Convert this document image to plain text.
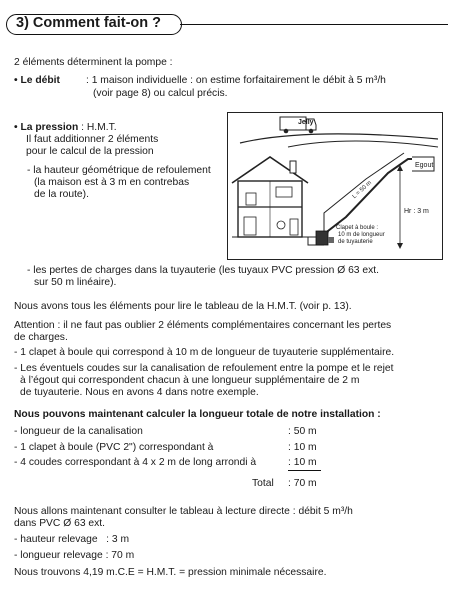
3) Comment fait-on ?
2 éléments déterminent la pompe :
• Le débit	: 1 maison individuelle : on estime forfaitairement le débit à 5 m³/h
(voir page 8) ou calcul précis.
• La pression : H.M.T.
Il faut additionner 2 éléments
pour le calcul de la pression
- la hauteur géométrique de refoulement
(la maison est à 3 m en contrebas
de la route).
Jelly
Egout
Hr : 3 m
L = 50 m
Clapet à boule :
10 m de longueur
de tuyauterie
- les pertes de charges dans la tuyauterie (les tuyaux PVC pression Ø 63 ext.
sur 50 m linéaire).
Nous avons tous les éléments pour lire le tableau de la H.M.T. (voir p. 13).
Attention : il ne faut pas oublier 2 éléments complémentaires concernant les pertes
de charges.
- 1 clapet à boule qui correspond à 10 m de longueur de tuyauterie supplémentaire.
- Les éventuels coudes sur la canalisation de refoulement entre la pompe et le rejet
à l’égout qui correspondent chacun à une longueur supplémentaire de 2 m
de tuyauterie. Nous en avons 4 dans notre exemple.
Nous pouvons maintenant calculer la longueur totale de notre installation :
- longueur de la canalisation	: 50 m
- 1 clapet à boule (PVC 2") correspondant à	: 10 m
- 4 coudes correspondant à 4 x 2 m de long arrondi à	: 10 m
Total : 70 m
Nous allons maintenant consulter le tableau à lecture directe : débit 5 m³/h
dans PVC Ø 63 ext.
- hauteur relevage   : 3 m
- longueur relevage : 70 m
Nous trouvons 4,19 m.C.E = H.M.T. = pression minimale nécessaire.
